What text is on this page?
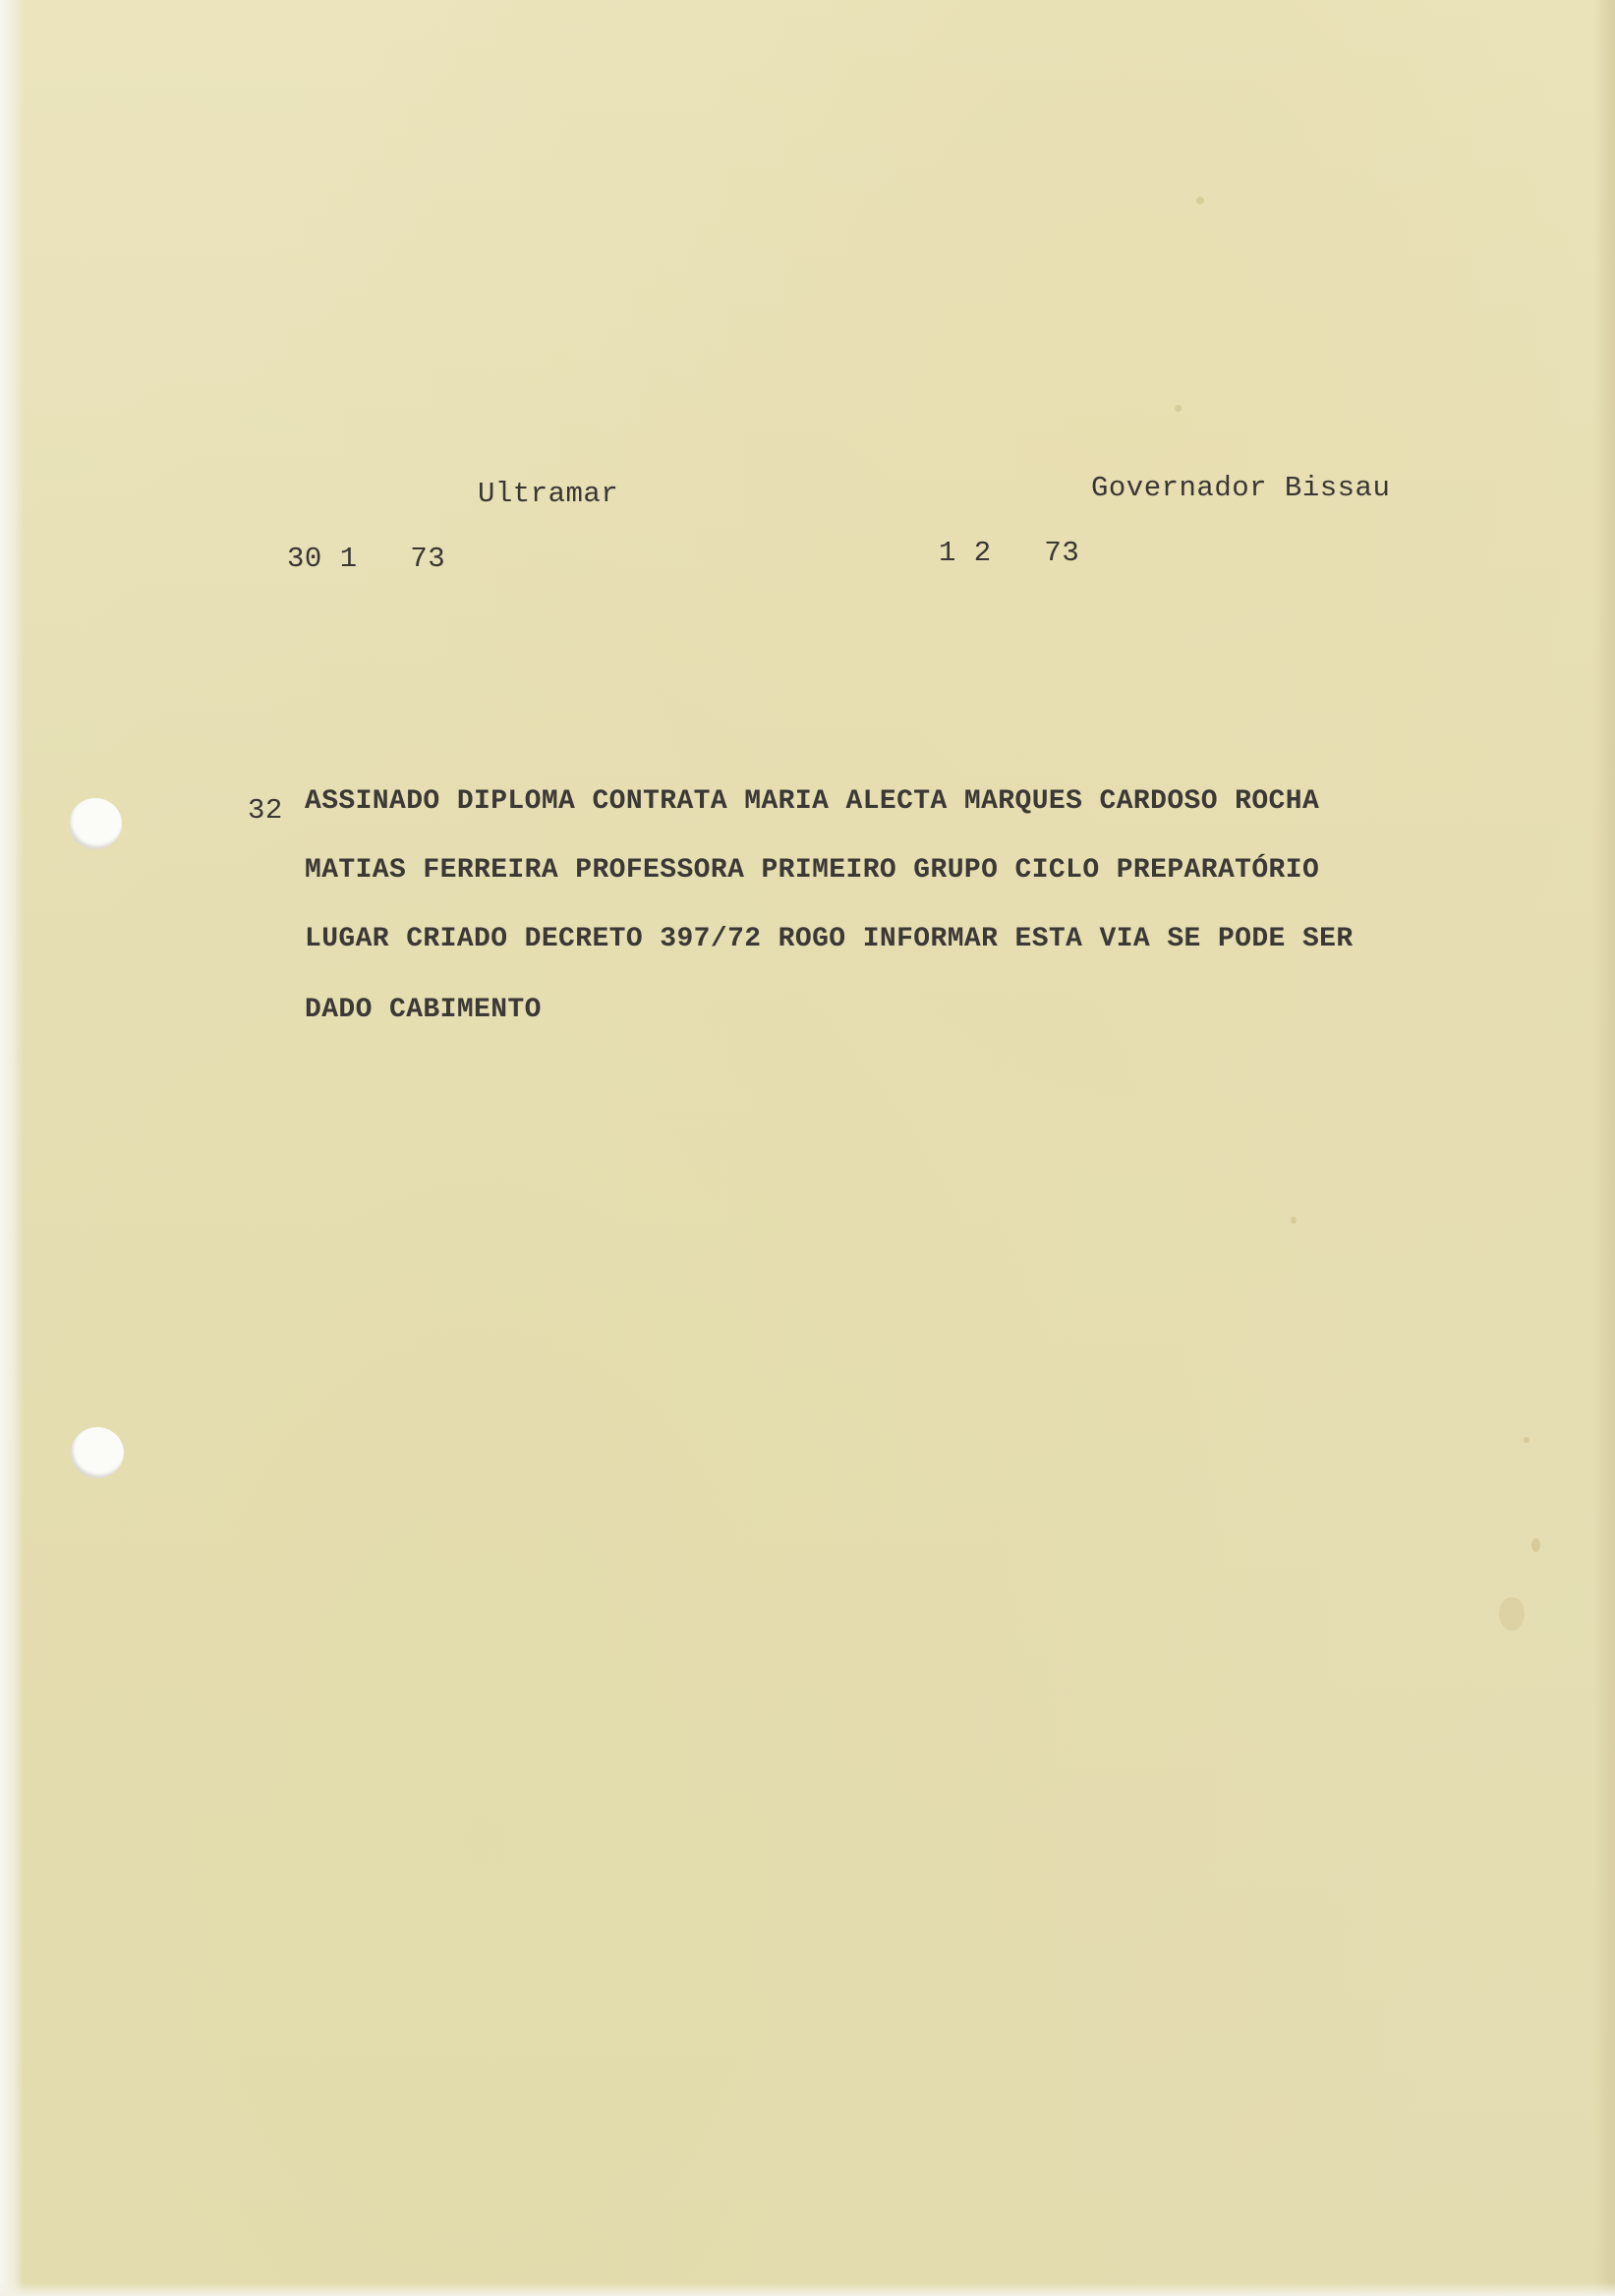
Ultramar	Governador Bissau
30 1   73	1 2   73
32 ASSINADO DIPLOMA CONTRATA MARIA ALECTA MARQUES CARDOSO ROCHA
MATIAS FERREIRA PROFESSORA PRIMEIRO GRUPO CICLO PREPARATÓRIO
LUGAR CRIADO DECRETO 397/72 ROGO INFORMAR ESTA VIA SE PODE SER
DADO CABIMENTO
